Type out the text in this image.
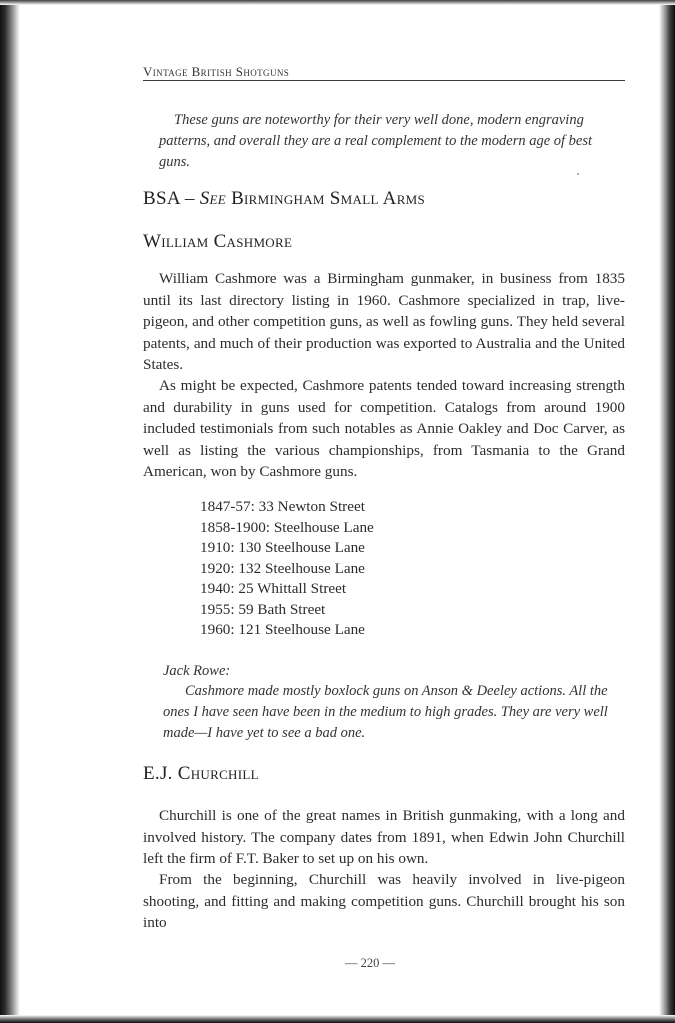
Vintage British Shotguns
These guns are noteworthy for their very well done, modern engraving patterns, and overall they are a real complement to the modern age of best guns.
BSA – See Birmingham Small Arms
William Cashmore
William Cashmore was a Birmingham gunmaker, in business from 1835 until its last directory listing in 1960. Cashmore specialized in trap, live-pigeon, and other competition guns, as well as fowling guns. They held several patents, and much of their production was exported to Australia and the United States.
As might be expected, Cashmore patents tended toward increasing strength and durability in guns used for competition. Catalogs from around 1900 included testimonials from such notables as Annie Oakley and Doc Carver, as well as listing the various championships, from Tasmania to the Grand American, won by Cashmore guns.
1847-57: 33 Newton Street
1858-1900: Steelhouse Lane
1910: 130 Steelhouse Lane
1920: 132 Steelhouse Lane
1940: 25 Whittall Street
1955: 59 Bath Street
1960: 121 Steelhouse Lane
Jack Rowe:
Cashmore made mostly boxlock guns on Anson & Deeley actions. All the ones I have seen have been in the medium to high grades. They are very well made—I have yet to see a bad one.
E.J. Churchill
Churchill is one of the great names in British gunmaking, with a long and involved history. The company dates from 1891, when Edwin John Churchill left the firm of F.T. Baker to set up on his own.
From the beginning, Churchill was heavily involved in live-pigeon shooting, and fitting and making competition guns. Churchill brought his son into
— 220 —
